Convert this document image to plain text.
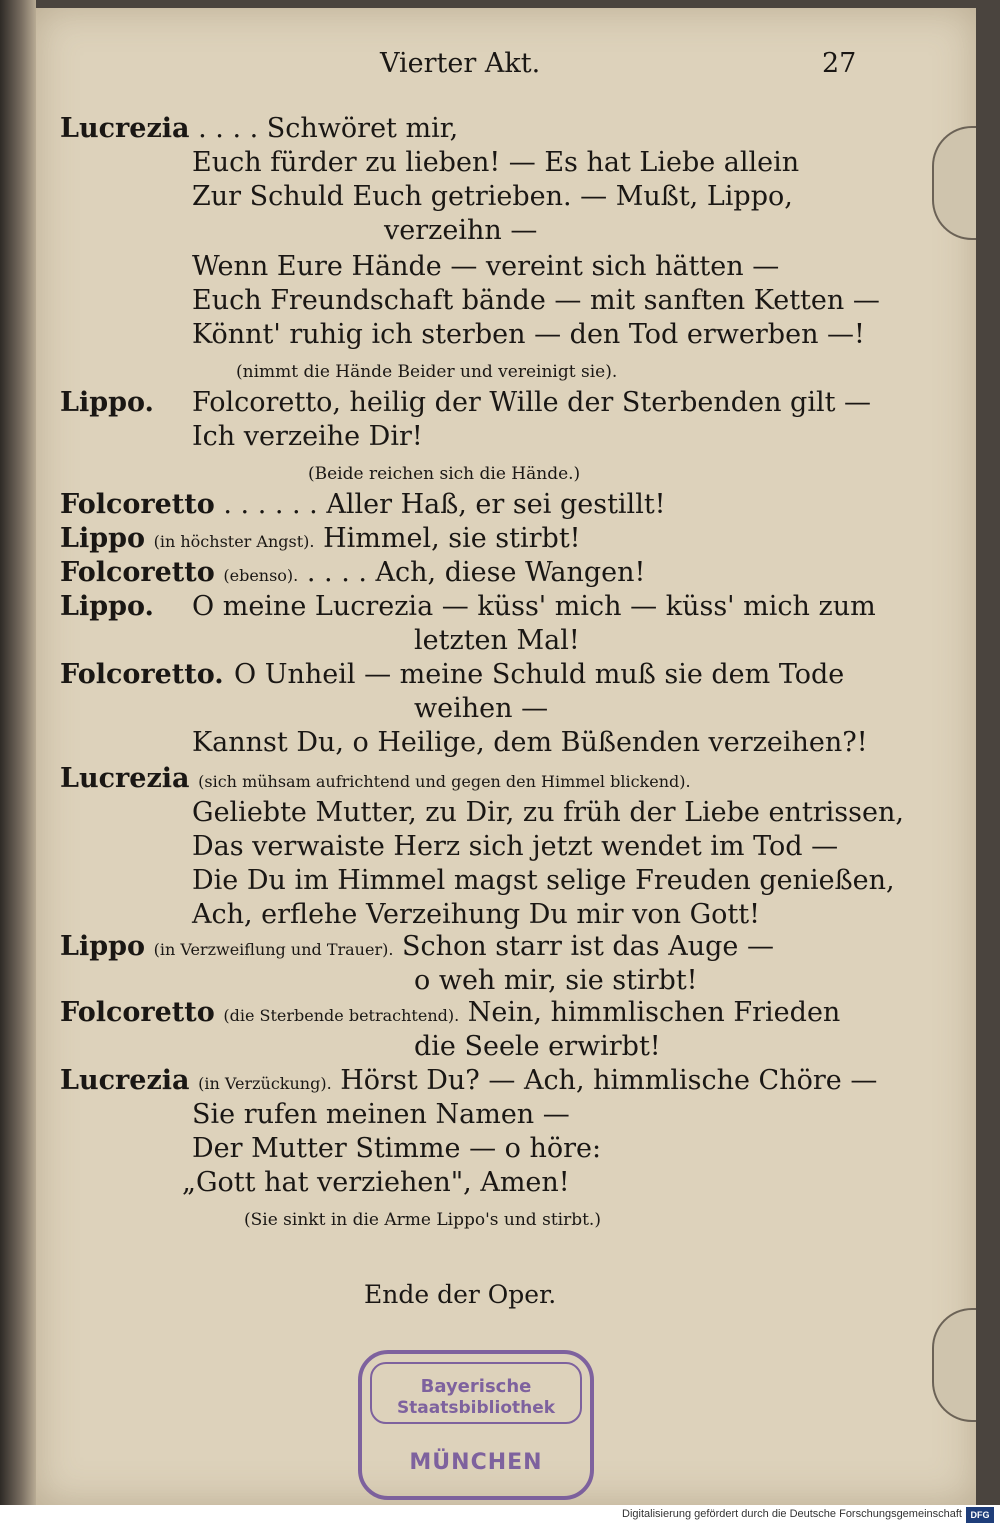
Vierter Akt.	27
Lucrezia . . . . Schwöret mir,
Euch fürder zu lieben! — Es hat Liebe allein
Zur Schuld Euch getrieben. — Mußt, Lippo,
verzeihn —
Wenn Eure Hände — vereint sich hätten —
Euch Freundschaft bände — mit sanften Ketten —
Könnt' ruhig ich sterben — den Tod erwerben —!
(nimmt die Hände Beider und vereinigt sie).
Lippo. Folcoretto, heilig der Wille der Sterbenden gilt —
Ich verzeihe Dir!
(Beide reichen sich die Hände.)
Folcoretto . . . . . . Aller Haß, er sei gestillt!
Lippo (in höchster Angst). Himmel, sie stirbt!
Folcoretto (ebenso). . . . . Ach, diese Wangen!
Lippo. O meine Lucrezia — küss' mich — küss' mich zum
letzten Mal!
Folcoretto. O Unheil — meine Schuld muß sie dem Tode
weihen —
Kannst Du, o Heilige, dem Büßenden verzeihen?!
Lucrezia (sich mühsam aufrichtend und gegen den Himmel blickend).
Geliebte Mutter, zu Dir, zu früh der Liebe entrissen,
Das verwaiste Herz sich jetzt wendet im Tod —
Die Du im Himmel magst selige Freuden genießen,
Ach, erflehe Verzeihung Du mir von Gott!
Lippo (in Verzweiflung und Trauer). Schon starr ist das Auge —
o weh mir, sie stirbt!
Folcoretto (die Sterbende betrachtend). Nein, himmlischen Frieden
die Seele erwirbt!
Lucrezia (in Verzückung). Hörst Du? — Ach, himmlische Chöre —
Sie rufen meinen Namen —
Der Mutter Stimme — o höre:
„Gott hat verziehen", Amen!
(Sie sinkt in die Arme Lippo's und stirbt.)
Ende der Oper.
Bayerische
Staatsbibliothek
MÜNCHEN
Digitalisierung gefördert durch die Deutsche Forschungsgemeinschaft DFG
